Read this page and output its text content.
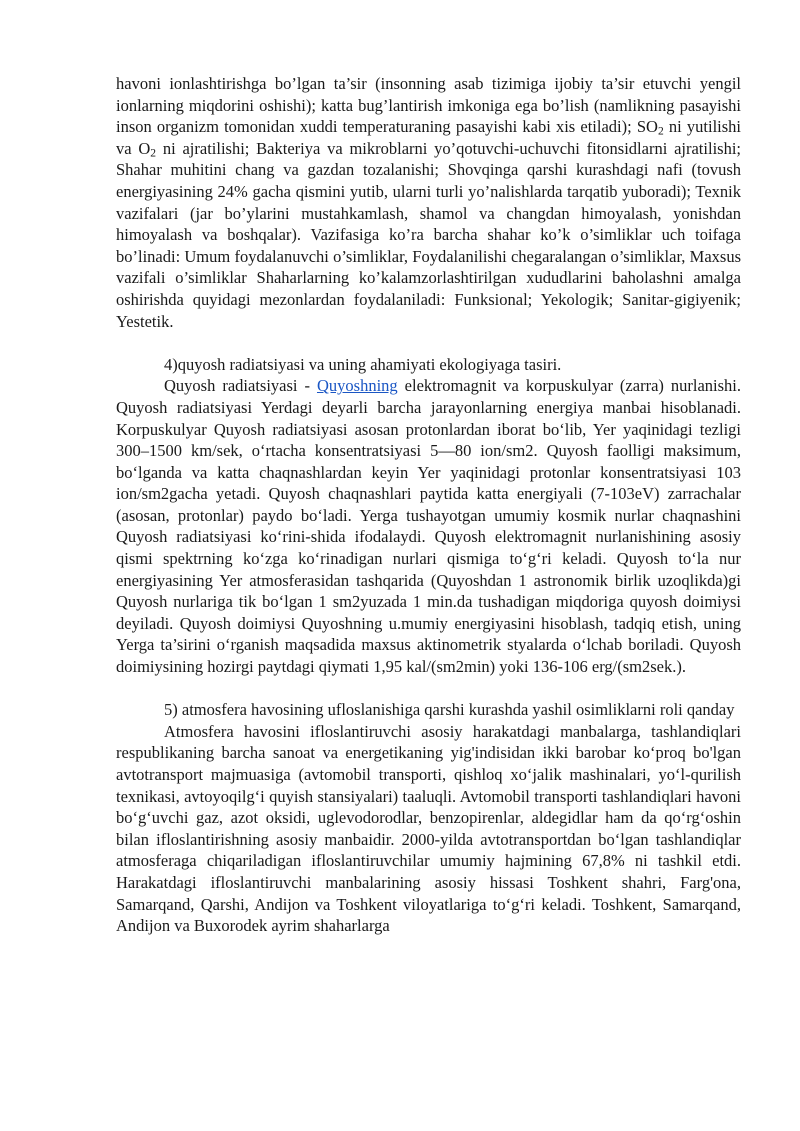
havoni ionlashtirishga bo’lgan ta’sir (insonning asab tizimiga ijobiy ta’sir etuvchi yengil ionlarning miqdorini oshishi); katta bug’lantirish imkoniga ega bo’lish (namlikning pasayishi inson organizm tomonidan xuddi temperaturaning pasayishi kabi xis etiladi); $SO_2$ ni yutilishi va $O_2$ ni ajratilishi; Bakteriya va mikroblarni yo’qotuvchi-uchuvchi fitonsidlarni ajratilishi; Shahar muhitini chang va gazdan tozalanishi; Shovqinga qarshi kurashdagi nafi (tovush energiyasining 24% gacha qismini yutib, ularni turli yo’nalishlarda tarqatib yuboradi); Texnik vazifalari (jar bo’ylarini mustahkamlash, shamol va changdan himoyalash, yonishdan himoyalash va boshqalar). Vazifasiga ko’ra barcha shahar ko’k o’simliklar uch toifaga bo’linadi: Umum foydalanuvchi o’simliklar, Foydalanilishi chegaralangan o’simliklar, Maxsus vazifali o’simliklar Shaharlarning ko’kalamzorlashtirilgan xududlarini baholashni amalga oshirishda quyidagi mezonlardan foydalaniladi: Funksional; Yekologik; Sanitar-gigiyenik; Yestetik.

4)quyosh radiatsiyasi va uning ahamiyati ekologiyaga tasiri.

Quyosh radiatsiyasi - Quyoshning elektromagnit va korpuskulyar (zarra) nurlanishi. Quyosh radiatsiyasi Yerdagi deyarli barcha jarayonlarning energiya manbai hisoblanadi. Korpuskulyar Quyosh radiatsiyasi asosan protonlardan iborat bo‘lib, Yer yaqinidagi tezligi 300–1500 km/sek, o‘rtacha konsentratsiyasi 5—80 ion/sm2. Quyosh faolligi maksimum, bo‘lganda va katta chaqnashlardan keyin Yer yaqinidagi protonlar konsentratsiyasi 103 ion/sm2gacha yetadi. Quyosh chaqnashlari paytida katta energiyali (7-103eV) zarrachalar (asosan, protonlar) paydo bo‘ladi. Yerga tushayotgan umumiy kosmik nurlar chaqnashini Quyosh radiatsiyasi ko‘rini-shida ifodalaydi. Quyosh elektromagnit nurlanishining asosiy qismi spektrning ko‘zga ko‘rinadigan nurlari qismiga to‘g‘ri keladi. Quyosh to‘la nur energiyasining Yer atmosferasidan tashqarida (Quyoshdan 1 astronomik birlik uzoqlikda)gi Quyosh nurlariga tik bo‘lgan 1 sm2yuzada 1 min.da tushadigan miqdoriga quyosh doimiysi deyiladi. Quyosh doimiysi Quyoshning u.mumiy energiyasini hisoblash, tadqiq etish, uning Yerga ta’sirini o‘rganish maqsadida maxsus aktinometrik styalarda o‘lchab boriladi. Quyosh doimiysining hozirgi paytdagi qiymati 1,95 kal/(sm2min) yoki 136-106 erg/(sm2sek.).

5) atmosfera havosining ufloslanishiga qarshi kurashda yashil osimliklarni roli qanday

Atmosfera havosini ifloslantiruvchi asosiy harakatdagi manbalarga, tashlandiqlari respublikaning barcha sanoat va energetikaning yig'indisidan ikki barobar ko‘proq bo'lgan avtotransport majmuasiga (avtomobil transporti, qishloq xo‘jalik mashinalari, yo‘l-qurilish texnikasi, avtoyoqilg‘i quyish stansiyalari) taaluqli. Avtomobil transporti tashlandiqlari havoni bo‘g‘uvchi gaz, azot oksidi, uglevodorodlar, benzopirenlar, aldegidlar ham da qo‘rg‘oshin bilan ifloslantirishning asosiy manbaidir. 2000-yilda avtotransportdan bo‘lgan tashlandiqlar atmosferaga chiqariladigan ifloslantiruvchilar umumiy hajmining 67,8% ni tashkil etdi. Harakatdagi ifloslantiruvchi manbalarining asosiy hissasi Toshkent shahri, Farg'ona, Samarqand, Qarshi, Andijon va Toshkent viloyatlariga to‘g‘ri keladi. Toshkent, Samarqand, Andijon va Buxorodek ayrim shaharlarga
